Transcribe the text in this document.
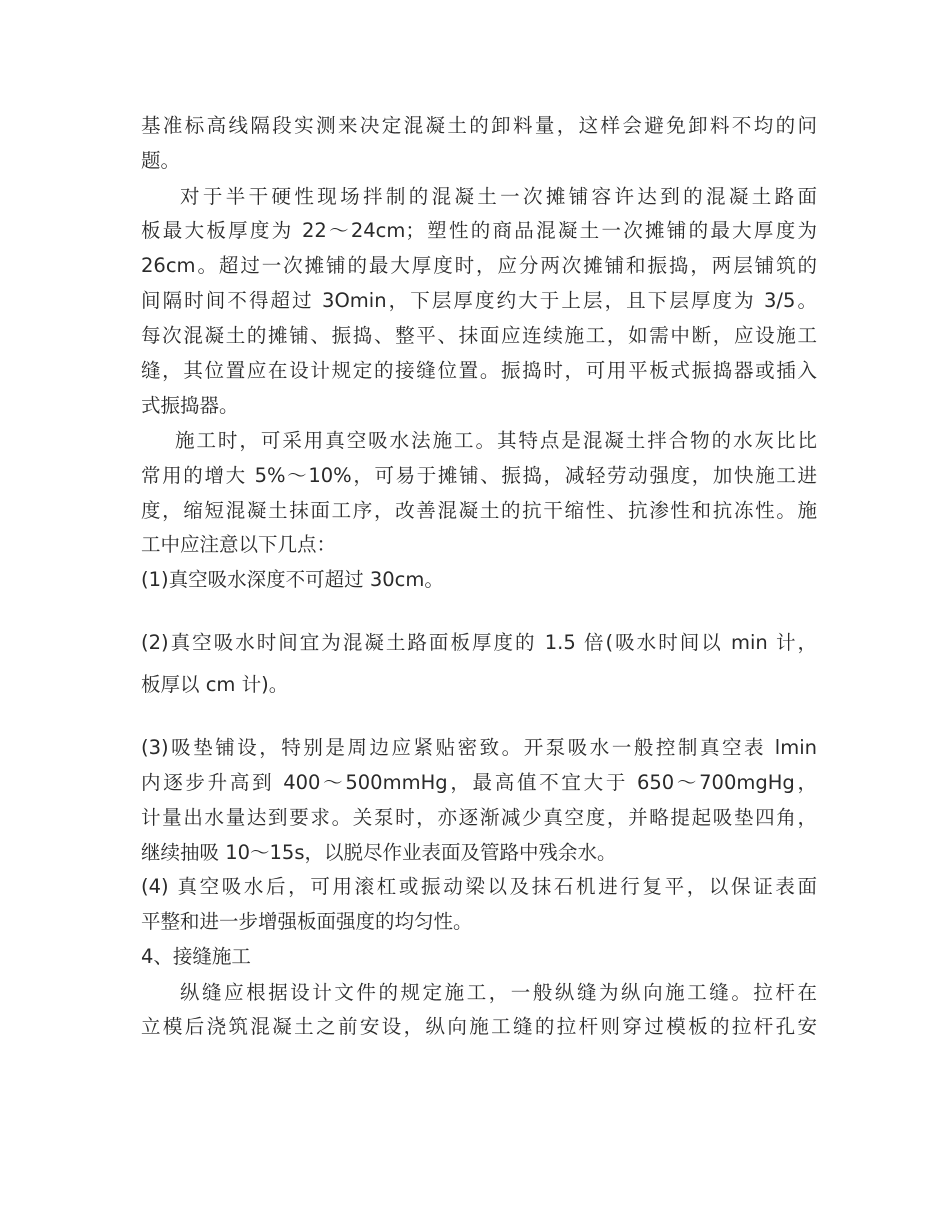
基准标高线隔段实测来决定混凝土的卸料量，这样会避免卸料不均的问

题。

对于半干硬性现场拌制的混凝土一次摊铺容许达到的混凝土路面

板最大板厚度为 22～24cm；塑性的商品混凝土一次摊铺的最大厚度为

26cm。超过一次摊铺的最大厚度时，应分两次摊铺和振捣，两层铺筑的

间隔时间不得超过 3Omin，下层厚度约大于上层，且下层厚度为 3/5。

每次混凝土的摊铺、振捣、整平、抹面应连续施工，如需中断，应设施工

缝，其位置应在设计规定的接缝位置。振捣时，可用平板式振捣器或插入

式振捣器。

施工时，可采用真空吸水法施工。其特点是混凝土拌合物的水灰比比

常用的增大 5%～10%，可易于摊铺、振捣，减轻劳动强度，加快施工进

度，缩短混凝土抹面工序，改善混凝土的抗干缩性、抗渗性和抗冻性。施

工中应注意以下几点：

(1)真空吸水深度不可超过 30cm。

(2)真空吸水时间宜为混凝土路面板厚度的 1.5 倍(吸水时间以 min 计，

板厚以 cm 计)。

(3)吸垫铺设，特别是周边应紧贴密致。开泵吸水一般控制真空表 lmin

内逐步升高到 400～500mmHg，最高值不宜大于 650～700mgHg，

计量出水量达到要求。关泵时，亦逐渐减少真空度，并略提起吸垫四角，

继续抽吸 10～15s，以脱尽作业表面及管路中残余水。

(4) 真空吸水后，可用滚杠或振动梁以及抹石机进行复平，以保证表面

平整和进一步增强板面强度的均匀性。

4、接缝施工

纵缝应根据设计文件的规定施工，一般纵缝为纵向施工缝。拉杆在

立模后浇筑混凝土之前安设，纵向施工缝的拉杆则穿过模板的拉杆孔安
